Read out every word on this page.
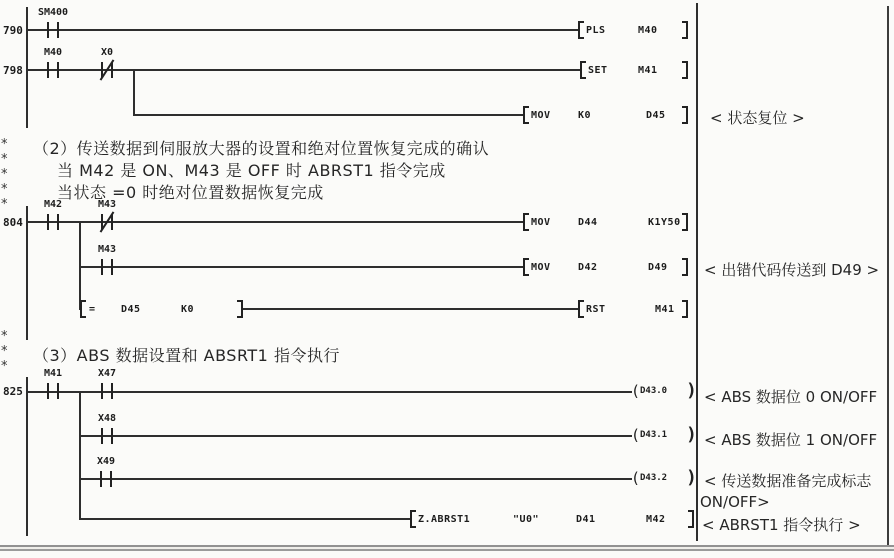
790
798
804
825
SM400
M40	X0
M42	M43
M43
M41	X47
X48
X49
PLS	M40
SET	M41
MOV	K0	D45
MOV	D44	K1Y50
MOV	D42	D49
=	D45	K0	RST	M41
Z.ABRST1	"U0"	D41	M42
( D43.0 )
( D43.1 )
( D43.2 )
*
*
*
*
*
*
*
*
（2）传送数据到伺服放大器的设置和绝对位置恢复完成的确认
当 M42 是 ON、M43 是 OFF 时 ABRST1 指令完成
当状态 =0 时绝对位置数据恢复完成
（3）ABS 数据设置和 ABSRT1 指令执行
< 状态复位 >
< 出错代码传送到 D49 >
< ABS 数据位 0 ON/OFF
< ABS 数据位 1 ON/OFF
< 传送数据准备完成标志
ON/OFF>
< ABRST1 指令执行 >
